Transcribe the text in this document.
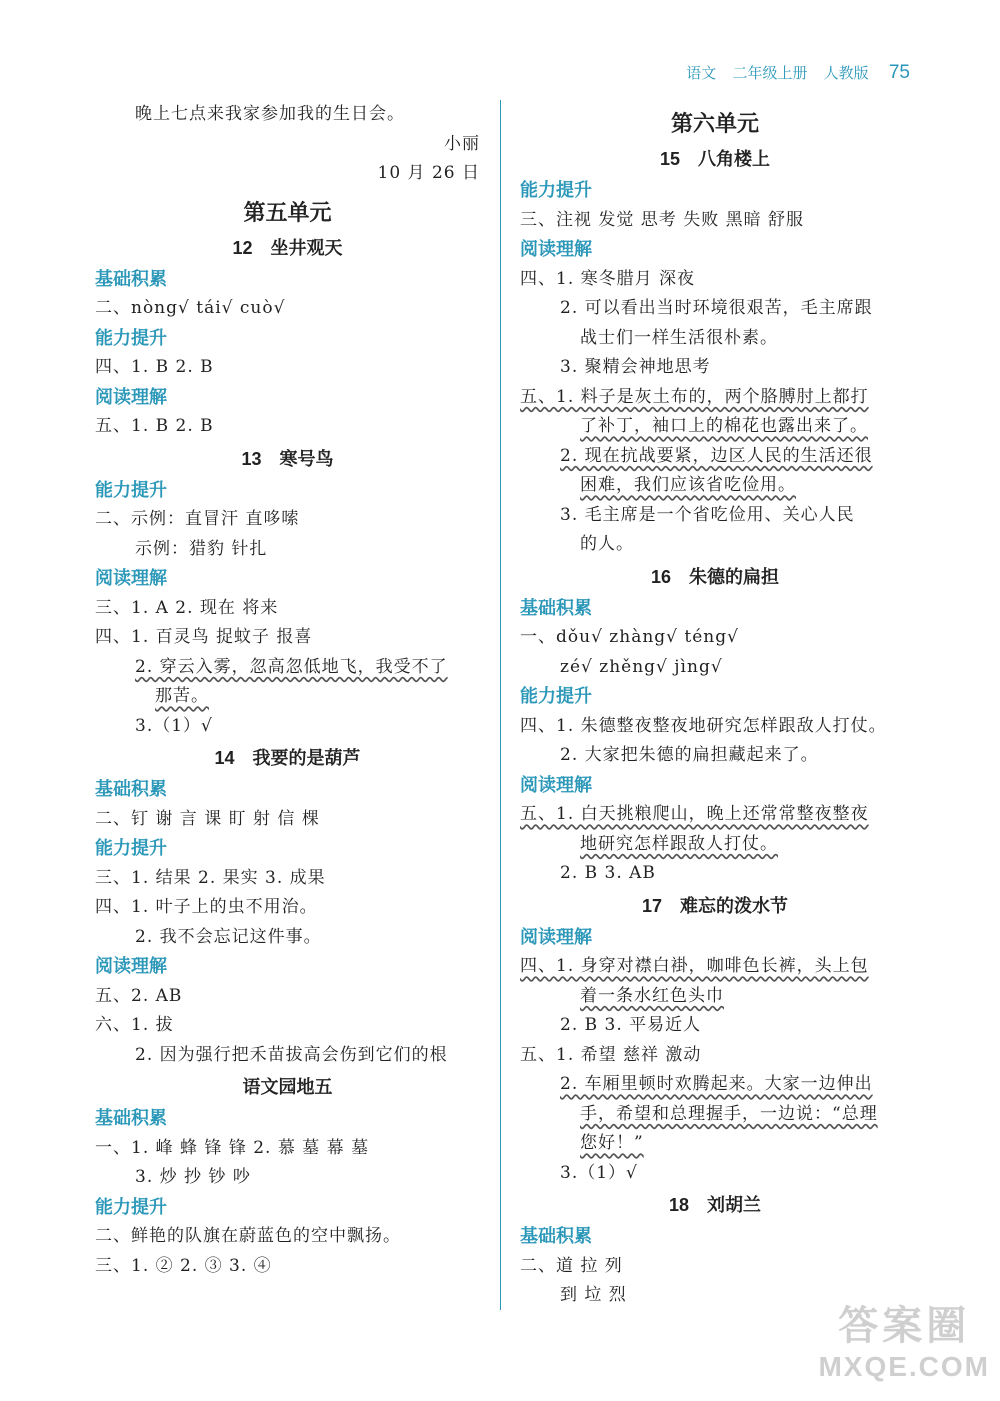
语文 二年级上册 人教版 75
晚上七点来我家参加我的生日会。
小丽
10 月 26 日
第五单元
12 坐井观天
基础积累
二、nòng√ tái√ cuò√
能力提升
四、1. B 2. B
阅读理解
五、1. B 2. B
13 寒号鸟
能力提升
二、示例：直冒汗 直哆嗦
示例：猎豹 针扎
阅读理解
三、1. A 2. 现在 将来
四、1. 百灵鸟 捉蚊子 报喜
2. 穿云入雾，忽高忽低地飞，我受不了
那苦。
3.（1）√
14 我要的是葫芦
基础积累
二、钉 谢 言 课 盯 射 信 棵
能力提升
三、1. 结果 2. 果实 3. 成果
四、1. 叶子上的虫不用治。
2. 我不会忘记这件事。
阅读理解
五、2. AB
六、1. 拔
2. 因为强行把禾苗拔高会伤到它们的根
语文园地五
基础积累
一、1. 峰 蜂 锋 锋 2. 慕 墓 幕 墓
3. 炒 抄 钞 吵
能力提升
二、鲜艳的队旗在蔚蓝色的空中飘扬。
三、1. ② 2. ③ 3. ④
第六单元
15 八角楼上
能力提升
三、注视 发觉 思考 失败 黑暗 舒服
阅读理解
四、1. 寒冬腊月 深夜
2. 可以看出当时环境很艰苦，毛主席跟
战士们一样生活很朴素。
3. 聚精会神地思考
五、1. 料子是灰土布的，两个胳膊肘上都打
了补丁，袖口上的棉花也露出来了。
2. 现在抗战要紧，边区人民的生活还很
困难，我们应该省吃俭用。
3. 毛主席是一个省吃俭用、关心人民
的人。
16 朱德的扁担
基础积累
一、dǒu√ zhàng√ téng√
zé√ zhěng√ jìng√
能力提升
四、1. 朱德整夜整夜地研究怎样跟敌人打仗。
2. 大家把朱德的扁担藏起来了。
阅读理解
五、1. 白天挑粮爬山，晚上还常常整夜整夜
地研究怎样跟敌人打仗。
2. B 3. AB
17 难忘的泼水节
阅读理解
四、1. 身穿对襟白褂，咖啡色长裤，头上包
着一条水红色头巾
2. B 3. 平易近人
五、1. 希望 慈祥 激动
2. 车厢里顿时欢腾起来。大家一边伸出
手，希望和总理握手，一边说：“总理
您好！”
3.（1）√
18 刘胡兰
基础积累
二、道 拉 列
到 垃 烈
答案圈
MXQE.COM
